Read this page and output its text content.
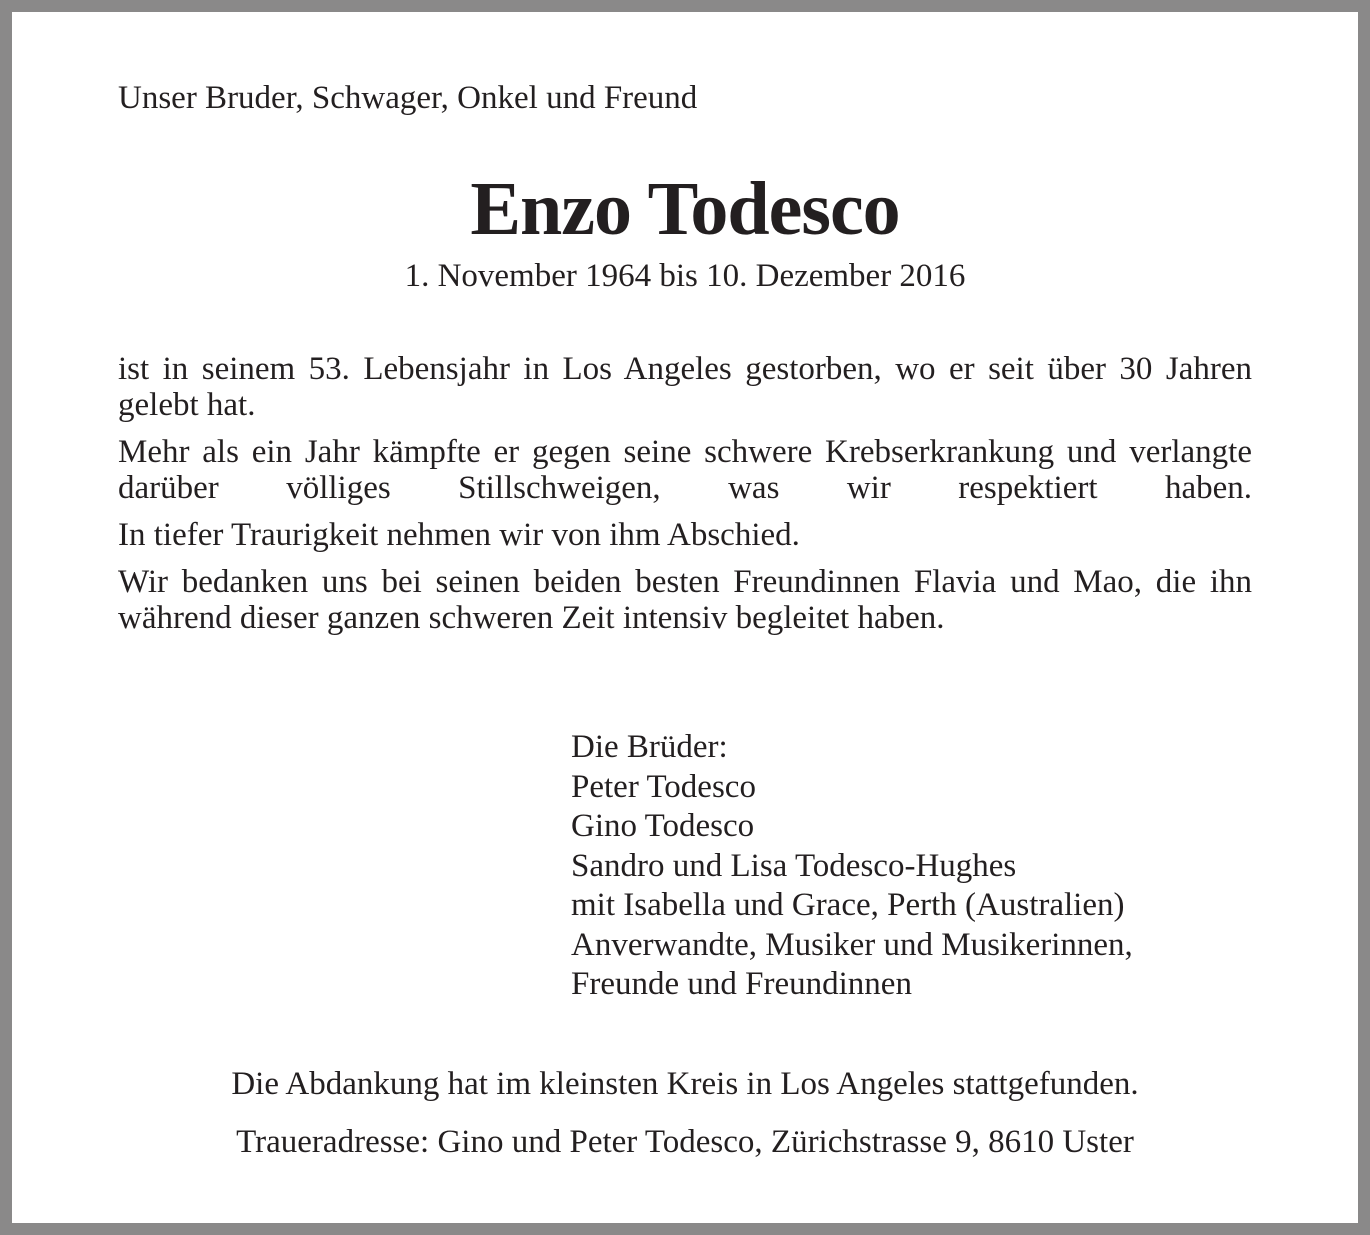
Unser Bruder, Schwager, Onkel und Freund
Enzo Todesco
1. November 1964 bis 10. Dezember 2016

ist in seinem 53. Lebensjahr in Los Angeles gestorben, wo er seit über 30 Jahren gelebt hat.

Mehr als ein Jahr kämpfte er gegen seine schwere Krebserkrankung und verlangte darüber völliges Stillschweigen, was wir respektiert haben.

In tiefer Traurigkeit nehmen wir von ihm Abschied.

Wir bedanken uns bei seinen beiden besten Freundinnen Flavia und Mao, die ihn während dieser ganzen schweren Zeit intensiv begleitet haben.

Die Brüder:
Peter Todesco
Gino Todesco
Sandro und Lisa Todesco-Hughes
mit Isabella und Grace, Perth (Australien)
Anverwandte, Musiker und Musikerinnen,
Freunde und Freundinnen
Die Abdankung hat im kleinsten Kreis in Los Angeles stattgefunden.
Traueradresse: Gino und Peter Todesco, Zürichstrasse 9, 8610 Uster
